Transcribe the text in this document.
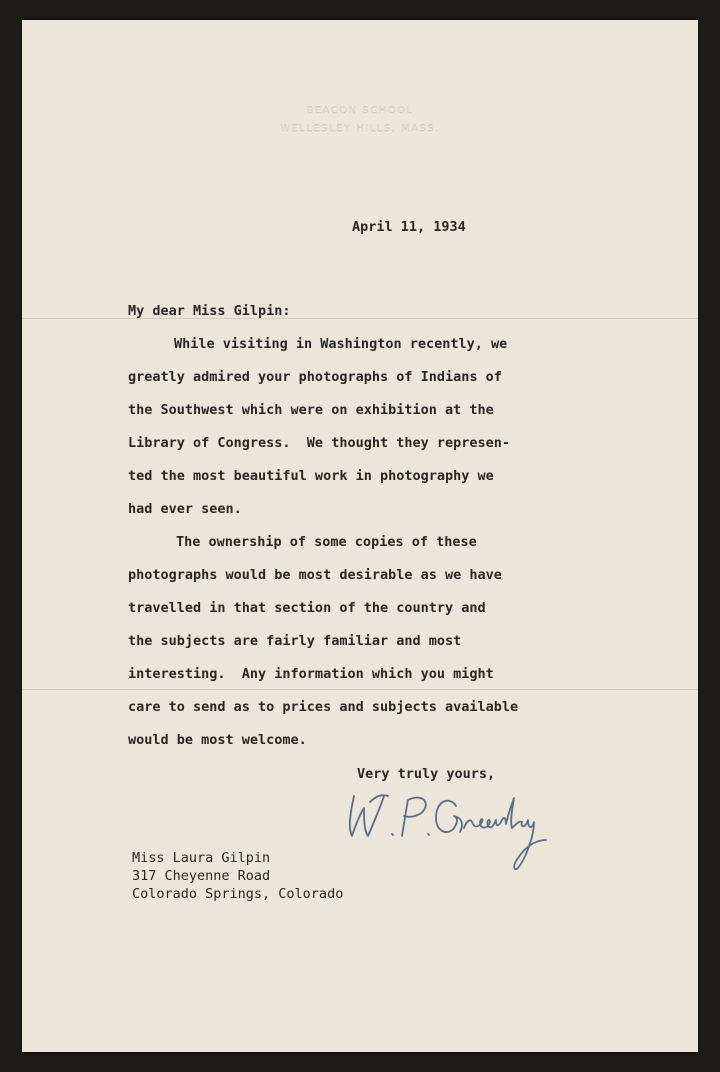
BEACON SCHOOL
WELLESLEY HILLS, MASS.
April 11, 1934
My dear Miss Gilpin:
While visiting in Washington recently, we
greatly admired your photographs of Indians of
the Southwest which were on exhibition at the
Library of Congress.  We thought they represen-
ted the most beautiful work in photography we
had ever seen.
The ownership of some copies of these
photographs would be most desirable as we have
travelled in that section of the country and
the subjects are fairly familiar and most
interesting.  Any information which you might
care to send as to prices and subjects available
would be most welcome.
Very truly yours,
Miss Laura Gilpin
317 Cheyenne Road
Colorado Springs, Colorado
